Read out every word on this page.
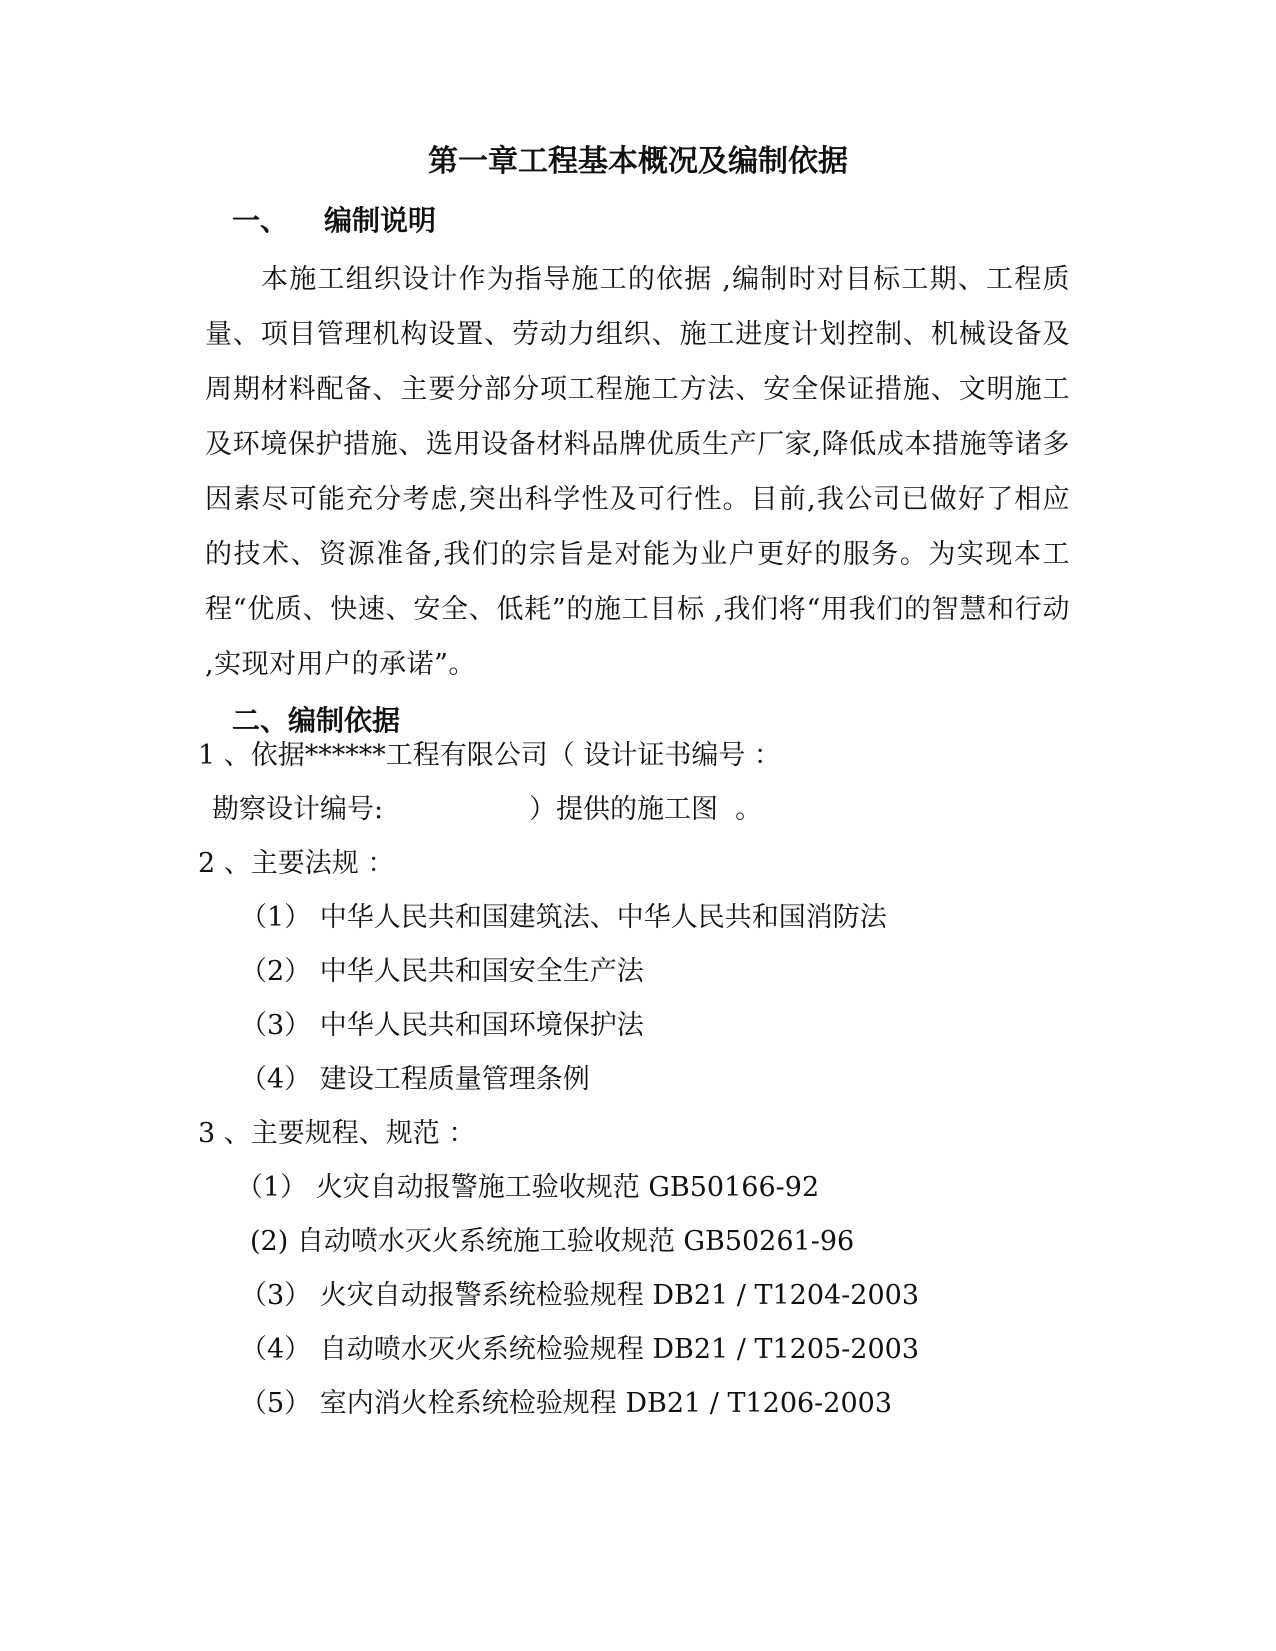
第一章工程基本概况及编制依据
一、 编制说明
本施工组织设计作为指导施工的依据 ,编制时对目标工期、工程质量、项目管理机构设置、劳动力组织、施工进度计划控制、机械设备及周期材料配备、主要分部分项工程施工方法、安全保证措施、文明施工及环境保护措施、选用设备材料品牌优质生产厂家,降低成本措施等诸多因素尽可能充分考虑,突出科学性及可行性。目前,我公司已做好了相应的技术、资源准备,我们的宗旨是对能为业户更好的服务。为实现本工程“优质、快速、安全、低耗”的施工目标 ,我们将“用我们的智慧和行动 ,实现对用户的承诺”。
二、编制依据
1 、依据******工程有限公司（ 设计证书编号 ：
勘察设计编号:                 ）提供的施工图  。
2 、主要法规 ：
（1） 中华人民共和国建筑法、中华人民共和国消防法
（2） 中华人民共和国安全生产法
（3） 中华人民共和国环境保护法
（4） 建设工程质量管理条例
3 、主要规程、规范 ：
（1） 火灾自动报警施工验收规范 GB50166-92
(2) 自动喷水灭火系统施工验收规范 GB50261-96
（3） 火灾自动报警系统检验规程 DB21 / T1204-2003
（4） 自动喷水灭火系统检验规程 DB21 / T1205-2003
（5） 室内消火栓系统检验规程 DB21 / T1206-2003
